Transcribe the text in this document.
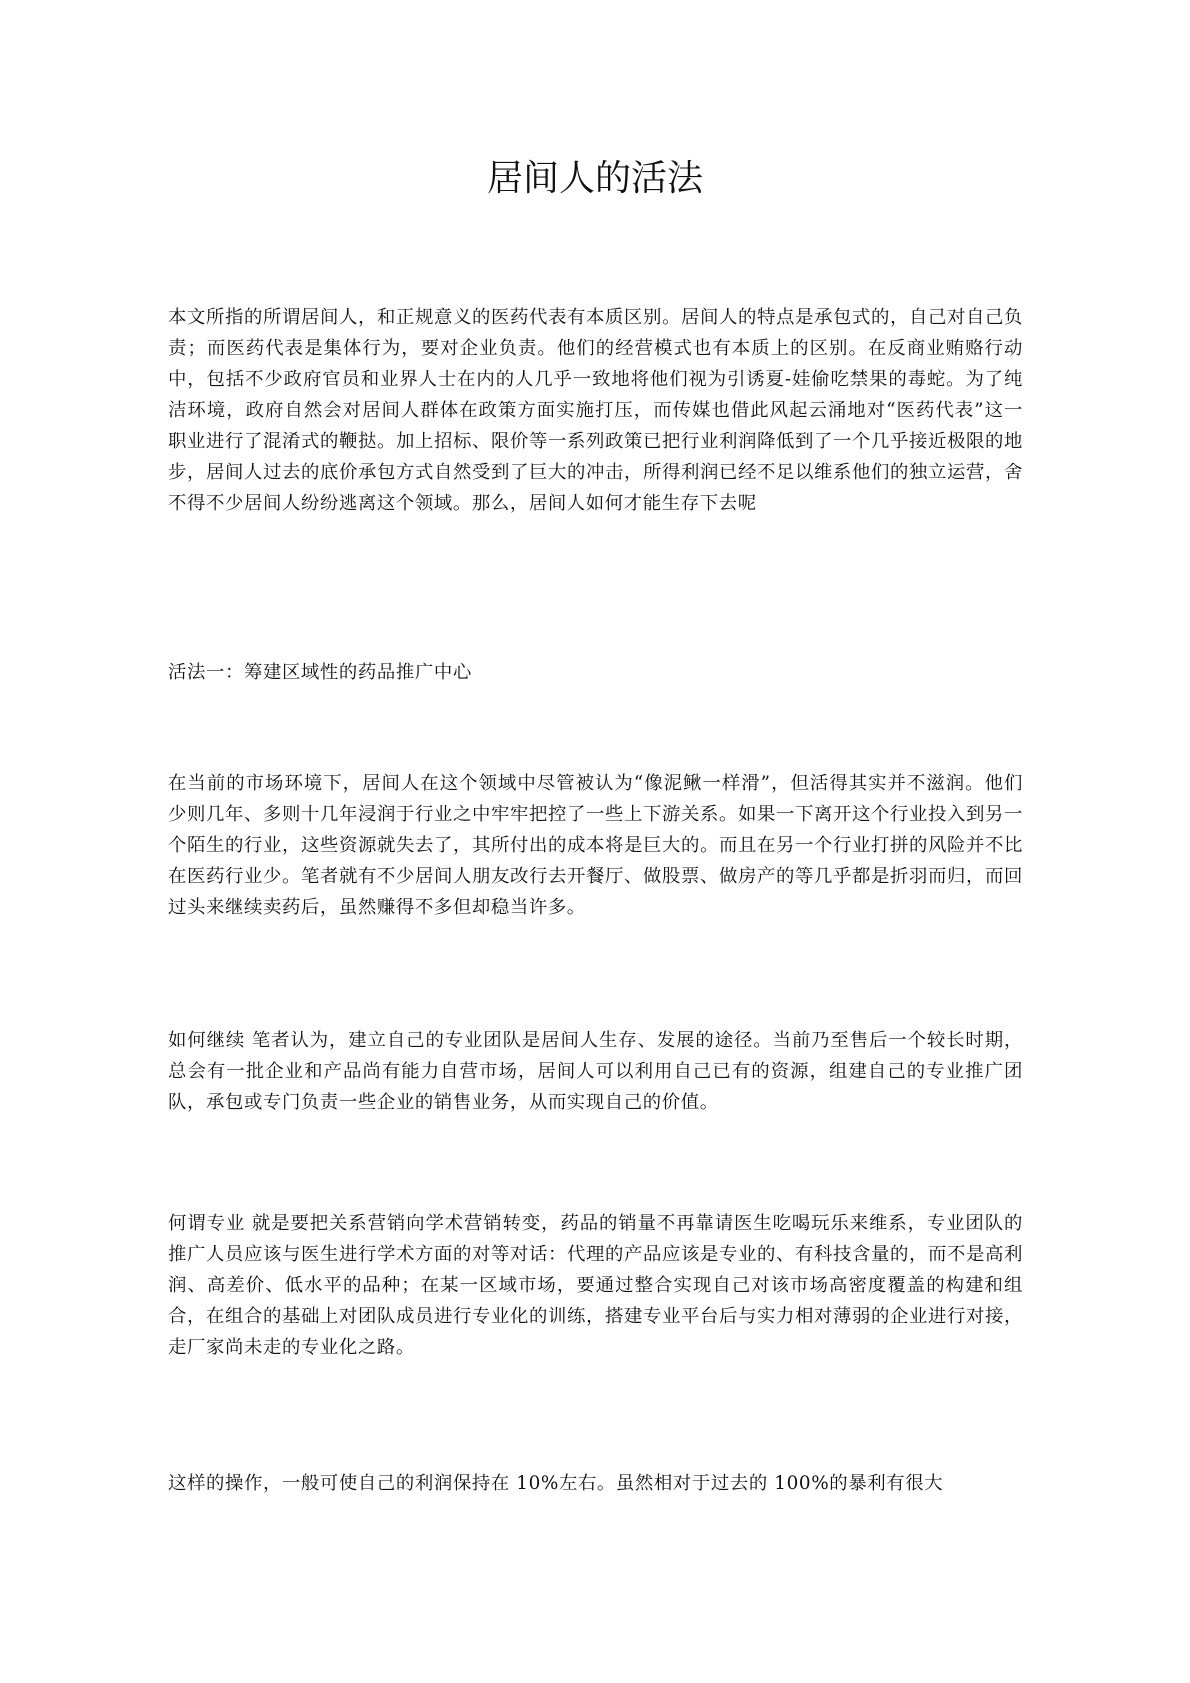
居间人的活法

本文所指的所谓居间人，和正规意义的医药代表有本质区别。居间人的特点是承包式的，自己对自己负责；而医药代表是集体行为，要对企业负责。他们的经营模式也有本质上的区别。在反商业贿赂行动中，包括不少政府官员和业界人士在内的人几乎一致地将他们视为引诱夏-娃偷吃禁果的毒蛇。为了纯洁环境，政府自然会对居间人群体在政策方面实施打压，而传媒也借此风起云涌地对“医药代表”这一职业进行了混淆式的鞭挞。加上招标、限价等一系列政策已把行业利润降低到了一个几乎接近极限的地步，居间人过去的底价承包方式自然受到了巨大的冲击，所得利润已经不足以维系他们的独立运营，舍不得不少居间人纷纷逃离这个领域。那么，居间人如何才能生存下去呢

活法一：筹建区域性的药品推广中心

在当前的市场环境下，居间人在这个领域中尽管被认为“像泥鳅一样滑”，但活得其实并不滋润。他们少则几年、多则十几年浸润于行业之中牢牢把控了一些上下游关系。如果一下离开这个行业投入到另一个陌生的行业，这些资源就失去了，其所付出的成本将是巨大的。而且在另一个行业打拼的风险并不比在医药行业少。笔者就有不少居间人朋友改行去开餐厅、做股票、做房产的等几乎都是折羽而归，而回过头来继续卖药后，虽然赚得不多但却稳当许多。

如何继续 笔者认为，建立自己的专业团队是居间人生存、发展的途径。当前乃至售后一个较长时期，总会有一批企业和产品尚有能力自营市场，居间人可以利用自己已有的资源，组建自己的专业推广团队，承包或专门负责一些企业的销售业务，从而实现自己的价值。

何谓专业 就是要把关系营销向学术营销转变，药品的销量不再靠请医生吃喝玩乐来维系，专业团队的推广人员应该与医生进行学术方面的对等对话：代理的产品应该是专业的、有科技含量的，而不是高利润、高差价、低水平的品种；在某一区域市场，要通过整合实现自己对该市场高密度覆盖的构建和组合，在组合的基础上对团队成员进行专业化的训练，搭建专业平台后与实力相对薄弱的企业进行对接，走厂家尚未走的专业化之路。

这样的操作，一般可使自己的利润保持在 10%左右。虽然相对于过去的 100%的暴利有很大
